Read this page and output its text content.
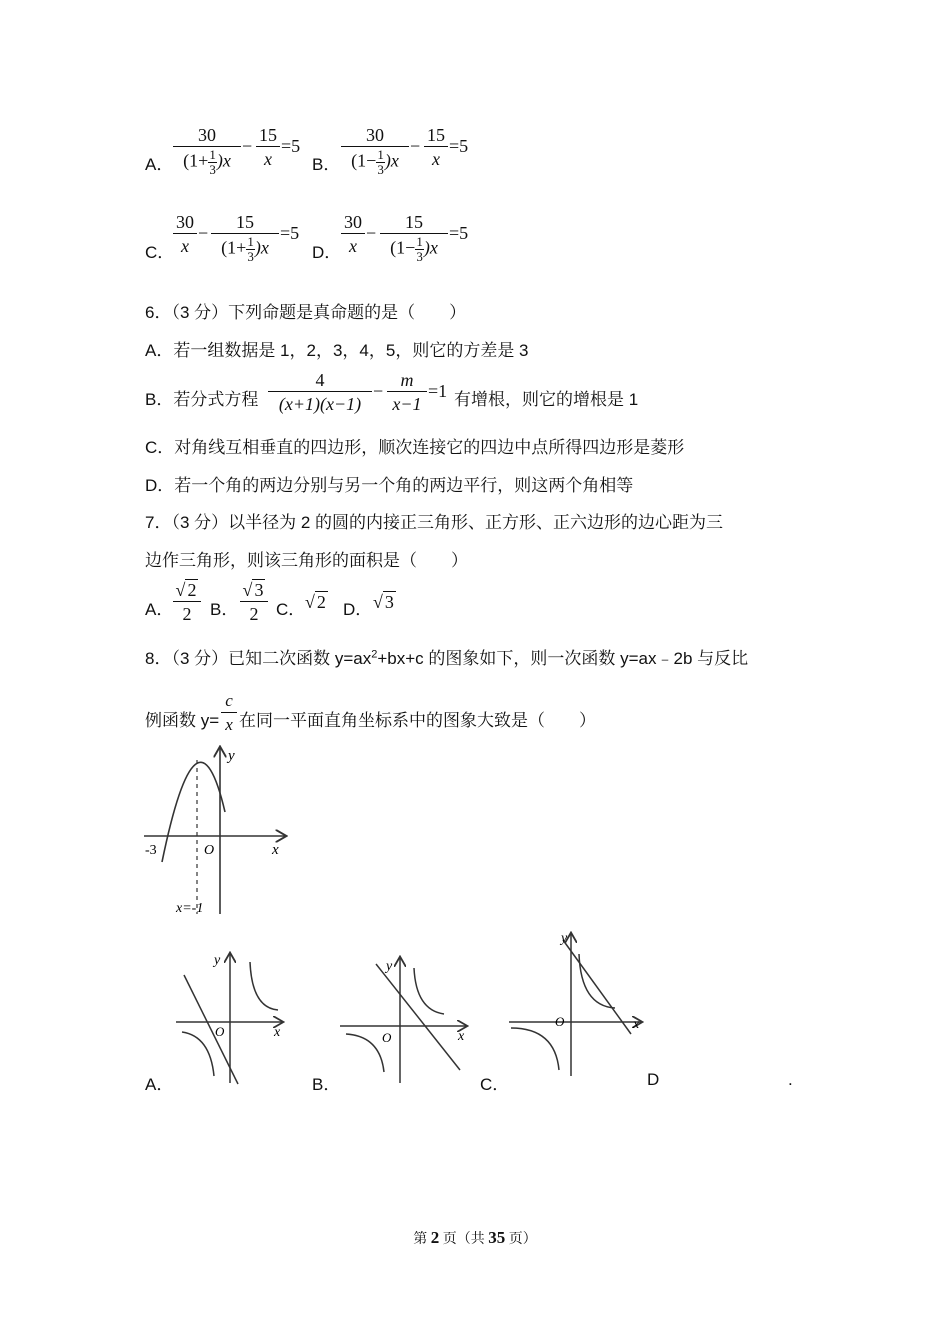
A． $\frac{30}{(1+ \frac{1}{3} )x} - \frac{15}{x} =5$
B． $\frac{30}{(1- \frac{1}{3} )x} - \frac{15}{x} =5$
C．
$\frac{30}{x} - \frac{15}{(1+ \frac{1}{3} )x} =5$
D． $\frac{30}{x} - \frac{15}{(1- \frac{1}{3} )x} =5$
6．（3 分）下列命题是真命题的是（　　）
A．若一组数据是 1，2，3，4，5，则它的方差是 3
B．若分式方程 $\frac{4}{(x+1)(x-1)} - \frac{m}{x-1} =1$ 有增根，则它的增根是 1
C．对角线互相垂直的四边形，顺次连接它的四边中点所得四边形是菱形
D．若一个角的两边分别与另一个角的两边平行，则这两个角相等
7．（3 分）以半径为 2 的圆的内接正三角形、正方形、正六边形的边心距为三
边作三角形，则该三角形的面积是（　　）
A． $\frac{√ 2}{2}$ B． $\frac{√ 3}{2}$ C． √ 2 D． √ 3
8．（3 分）已知二次函数 $y=ax^2+bx+c$ 的图象如下，则一次函数 y=ax﹣2b 与反比
例函数 $y= \frac{c}{x}$ 在同一平面直角坐标系中的图象大致是（　　）
y
x
O
-3
x=-1
y
x
O
y
x
O
y
x
O
A．	B．	C．	D	.
第 2 页（共 35 页）
